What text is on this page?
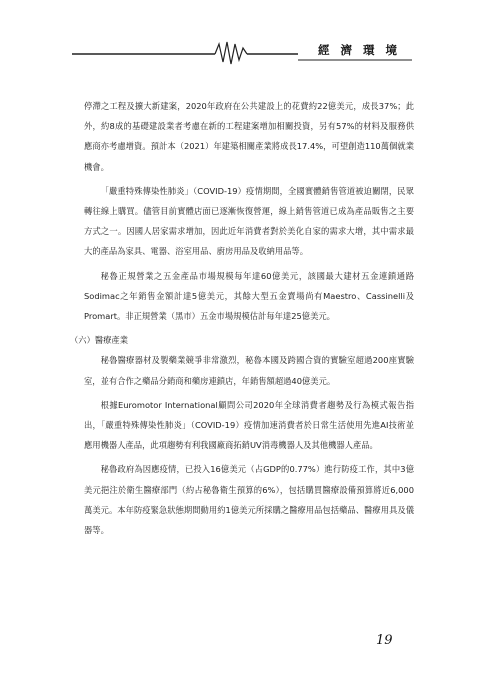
經濟環境

停滯之工程及擴大新建案，2020年政府在公共建設上的花費約22億美元，成長37%；此外，約8成的基礎建設業者考慮在新的工程建案增加相關投資，另有57%的材料及服務供應商亦考慮增資。預計本（2021）年建築相關產業將成長17.4%，可望創造110萬個就業機會。

「嚴重特殊傳染性肺炎」（COVID-19）疫情期間，全國實體銷售管道被迫關閉，民眾轉往線上購買。儘管目前實體店面已逐漸恢復營運，線上銷售管道已成為產品販售之主要方式之一。因國人居家需求增加，因此近年消費者對於美化自家的需求大增，其中需求最大的產品為家具、電器、浴室用品、廚房用品及收納用品等。

秘魯正規營業之五金產品市場規模每年達60億美元，該國最大建材五金連鎖通路Sodimac之年銷售金額計達5億美元，其餘大型五金賣場尚有Maestro、Cassinelli及 Promart。非正規營業（黑市）五金市場規模估計每年達25億美元。

（六）醫療產業

秘魯醫療器材及製藥業競爭非常激烈，秘魯本國及跨國合資的實驗室超過200座實驗室，並有合作之藥品分銷商和藥房連鎖店，年銷售額超過40億美元。

根據Euromotor International顧問公司2020年全球消費者趨勢及行為模式報告指出，「嚴重特殊傳染性肺炎」（COVID-19）疫情加速消費者於日常生活使用先進AI技術並應用機器人產品，此項趨勢有利我國廠商拓銷UV消毒機器人及其他機器人產品。

秘魯政府為因應疫情，已投入16億美元（占GDP的0.77%）進行防疫工作，其中3億美元挹注於衛生醫療部門（約占秘魯衛生預算的6%），包括購買醫療設備預算將近6,000萬美元。本年防疫緊急狀態期間動用約1億美元所採購之醫療用品包括藥品、醫療用具及儀器等。

19
